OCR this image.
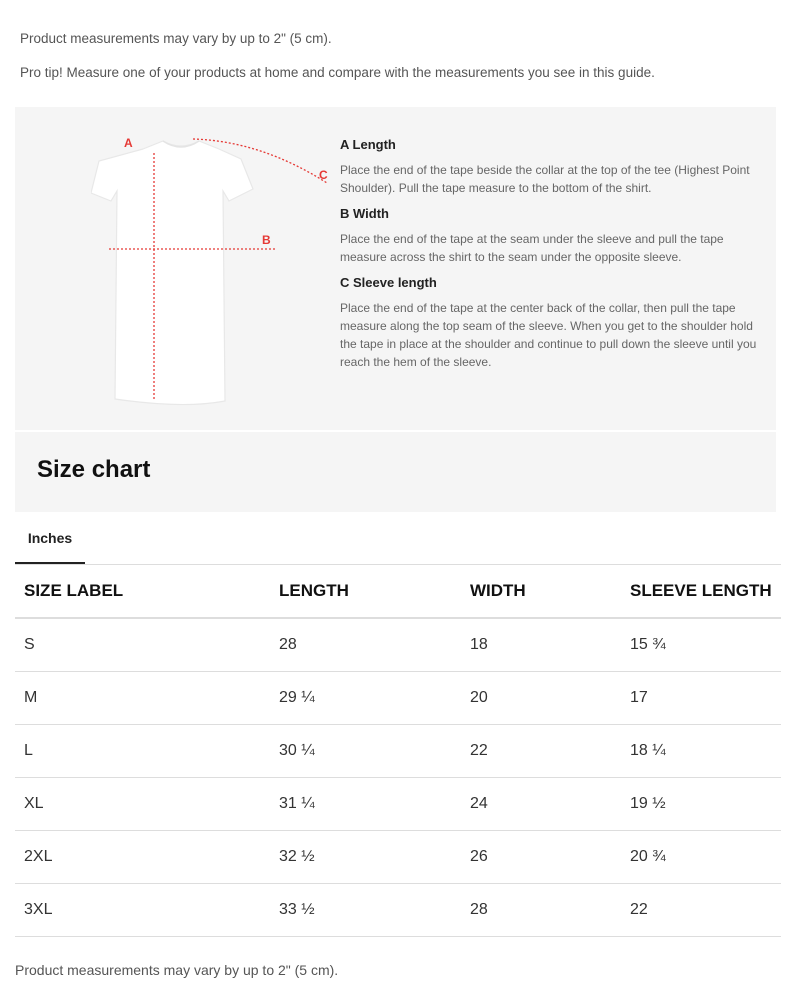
Product measurements may vary by up to 2" (5 cm).
Pro tip! Measure one of your products at home and compare with the measurements you see in this guide.
A
B
C
A Length
Place the end of the tape beside the collar at the top of the tee (Highest Point Shoulder). Pull the tape measure to the bottom of the shirt.
B Width
Place the end of the tape at the seam under the sleeve and pull the tape measure across the shirt to the seam under the opposite sleeve.
C Sleeve length
Place the end of the tape at the center back of the collar, then pull the tape measure along the top seam of the sleeve. When you get to the shoulder hold the tape in place at the shoulder and continue to pull down the sleeve until you reach the hem of the sleeve.
Size chart
Inches
SIZE LABEL	LENGTH	WIDTH	SLEEVE LENGTH
S	28	18	15 ¾
M	29 ¼	20	17
L	30 ¼	22	18 ¼
XL	31 ¼	24	19 ½
2XL	32 ½	26	20 ¾
3XL	33 ½	28	22
Product measurements may vary by up to 2" (5 cm).
